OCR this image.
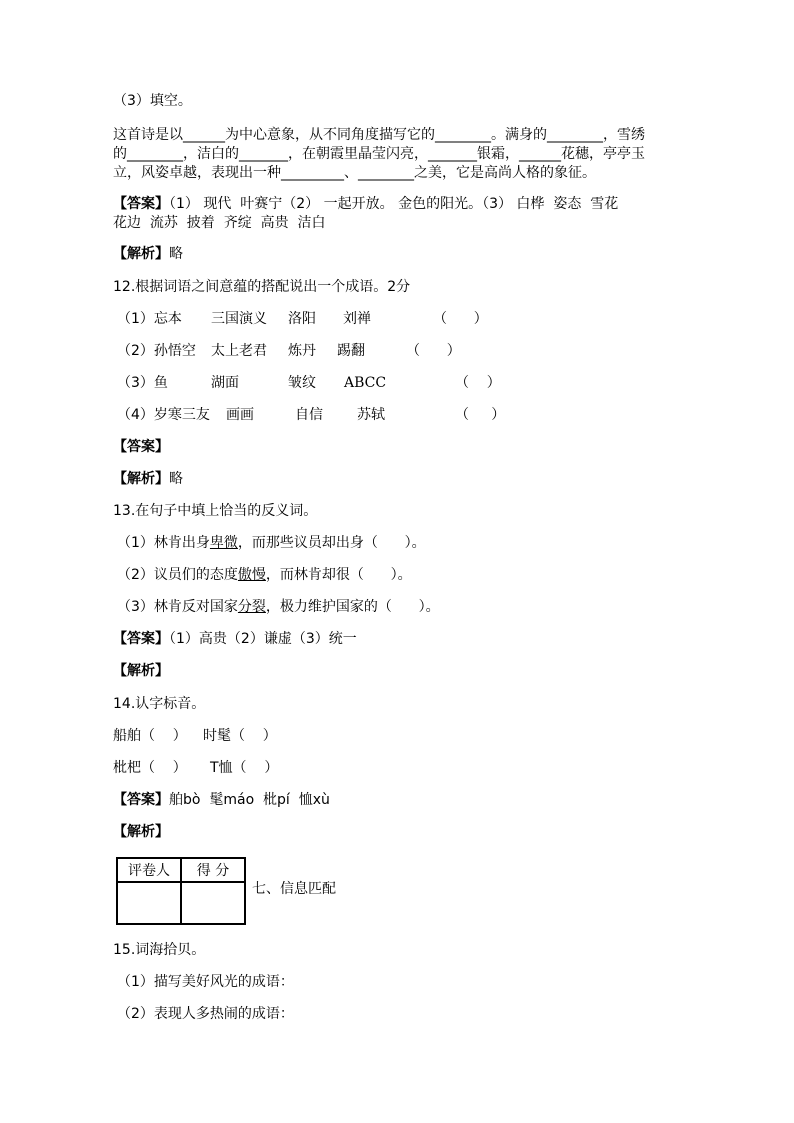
（3）填空。
这首诗是以______为中心意象，从不同角度描写它的________。满身的________，雪绣
的________，洁白的_______，在朝霞里晶莹闪亮，_______银霜，______花穗，亭亭玉
立，风姿卓越，表现出一种_________、________之美，它是高尚人格的象征。
【答案】（1） 现代  叶赛宁（2） 一起开放。 金色的阳光。（3） 白桦  姿态  雪花
花边  流苏  披着  齐绽  高贵  洁白
【解析】略
12.根据词语之间意蕴的搭配说出一个成语。2分
（1）忘本 三国演义 洛阳 刘禅	（      ）
（2）孙悟空 太上老君 炼丹 踢翻	（      ）
（3）鱼	湖面	皱纹 ABCC	（    ）
（4）岁寒三友 画画	自信 苏轼	（     ）
【答案】
【解析】略
13.在句子中填上恰当的反义词。
（1）林肯出身卑微，而那些议员却出身（      ）。
（2）议员们的态度傲慢，而林肯却很（      ）。
（3）林肯反对国家分裂，极力维护国家的（      ）。
【答案】（1）高贵（2）谦虚（3）统一
【解析】
14.认字标音。
船舶（    ） 时髦（    ）
枇杷（    ） T恤（    ）
【答案】舶bò  髦máo  枇pí  恤xù
【解析】
评卷人	得 分

七、信息匹配
15.词海拾贝。
（1）描写美好风光的成语：
（2）表现人多热闹的成语：
